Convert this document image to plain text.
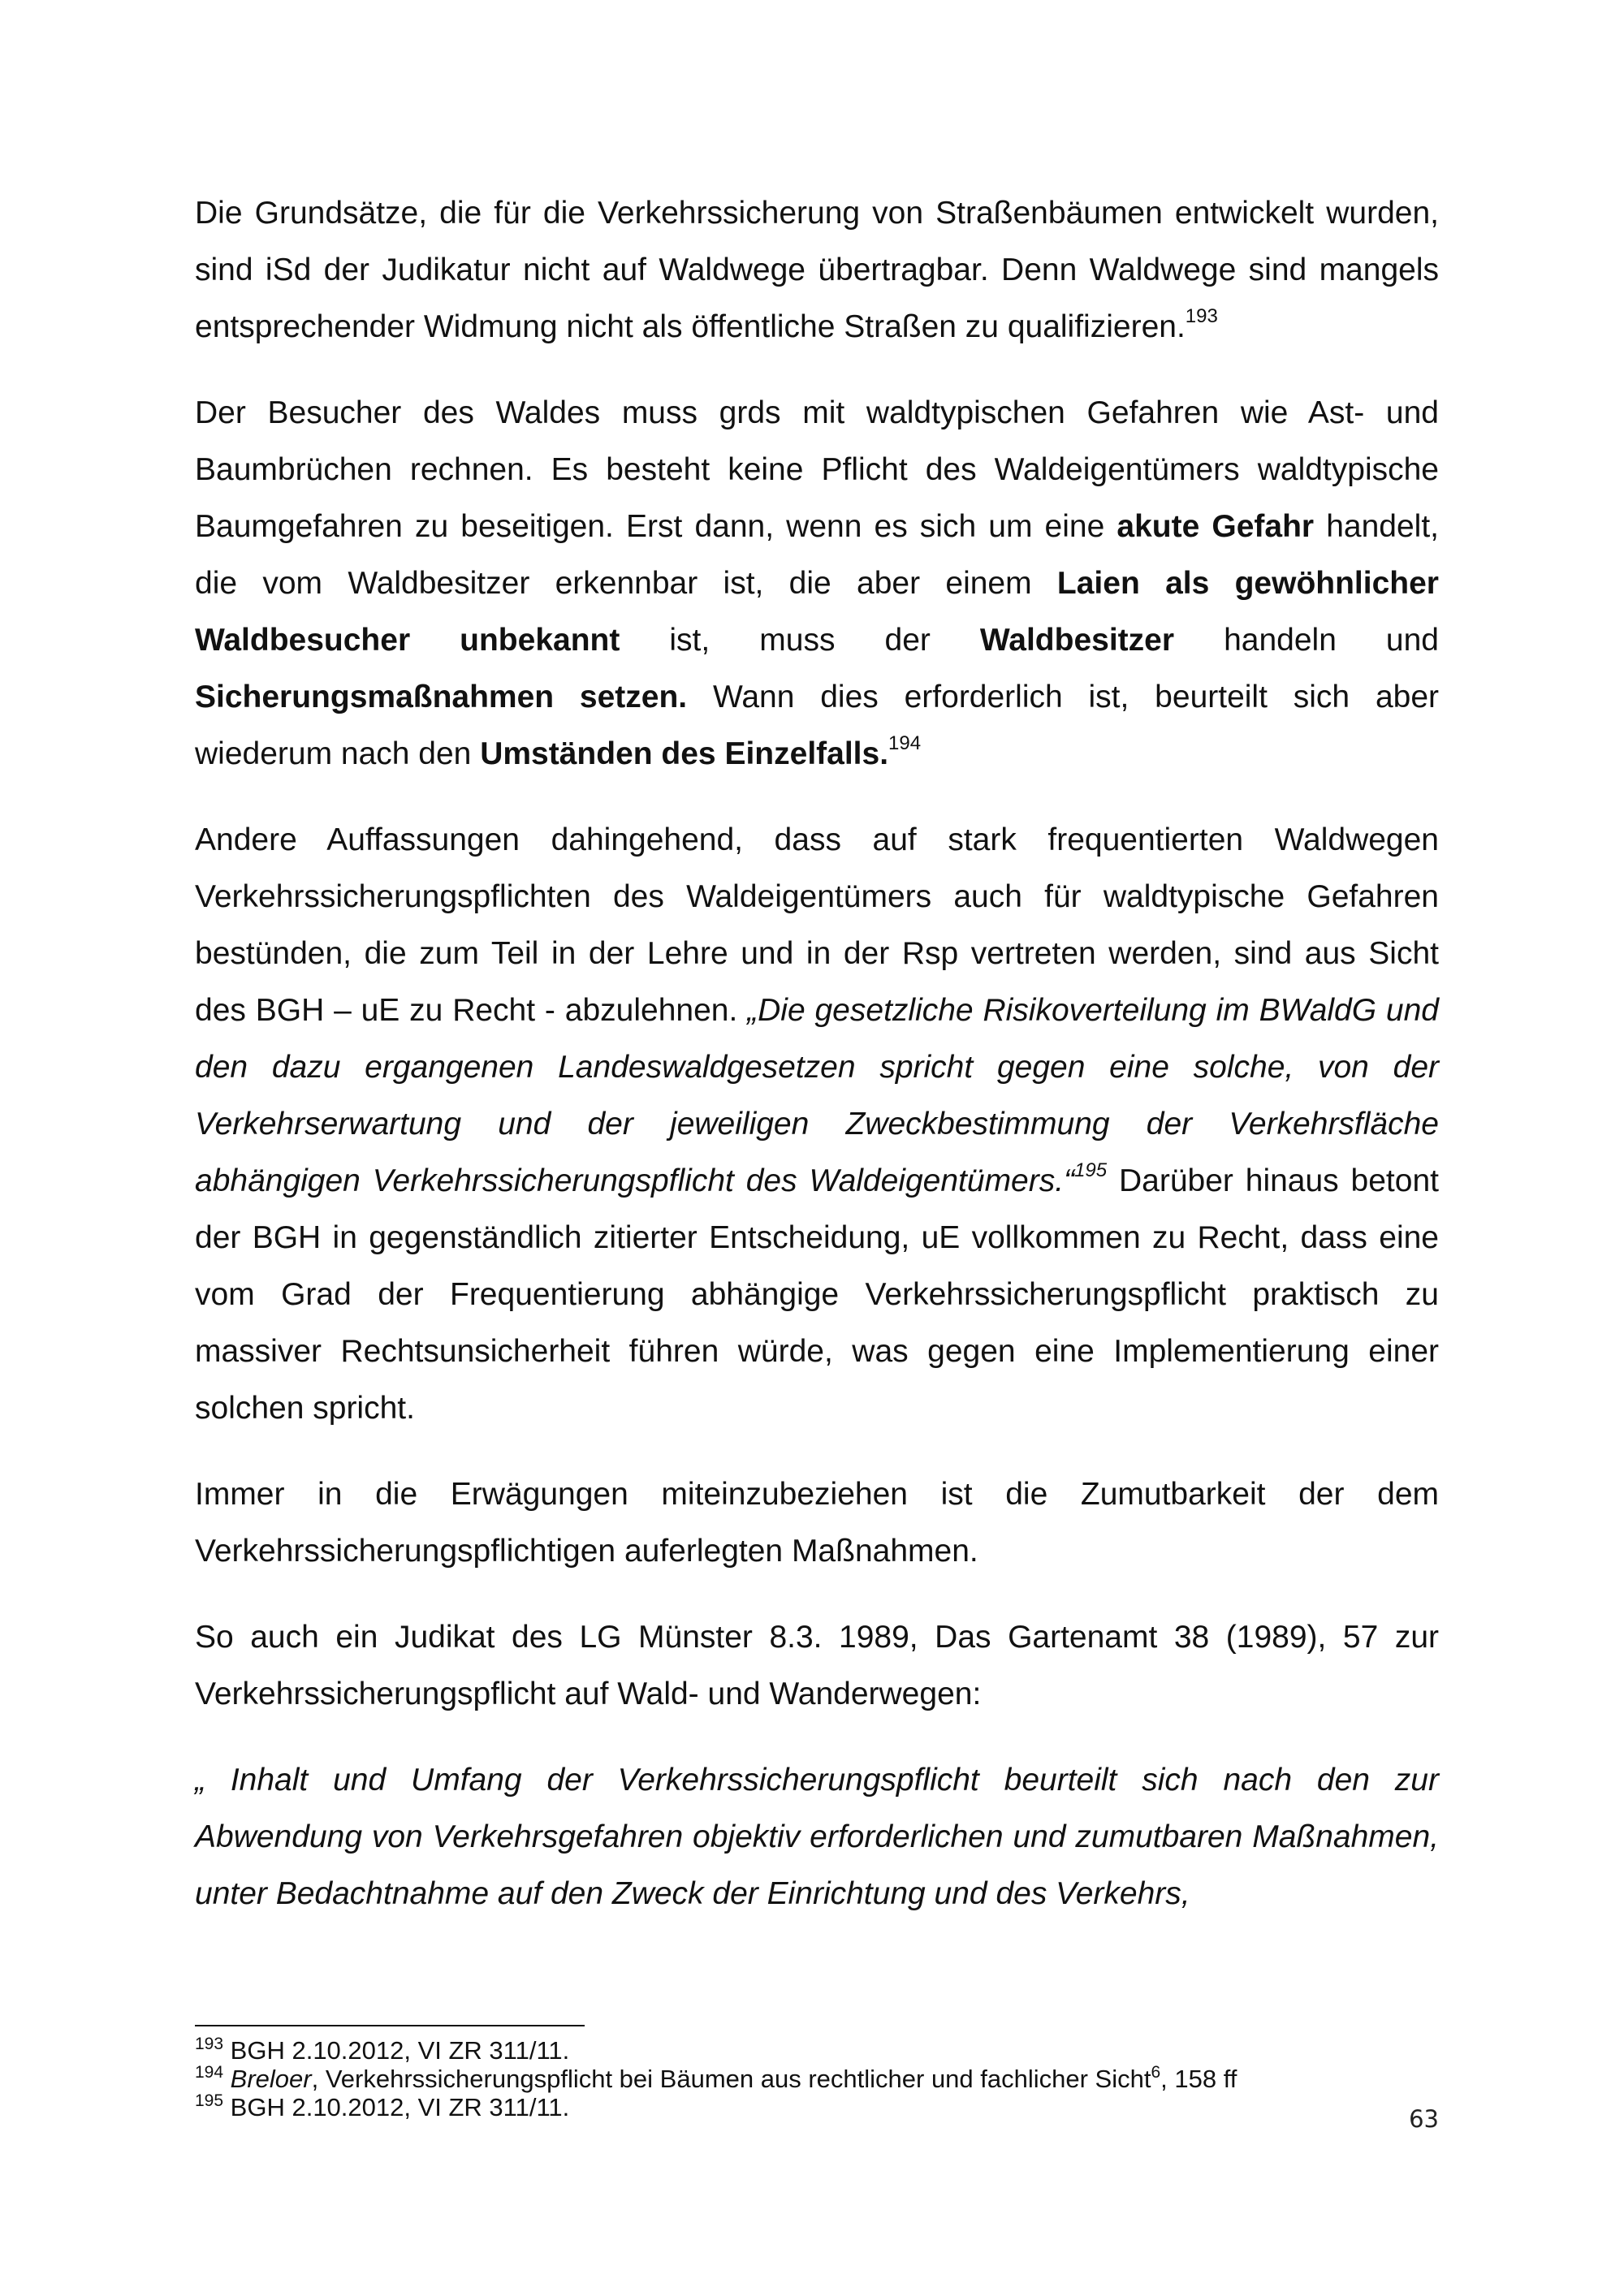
Die Grundsätze, die für die Verkehrssicherung von Straßenbäumen entwickelt wurden, sind iSd der Judikatur nicht auf Waldwege übertragbar. Denn Waldwege sind mangels entsprechender Widmung nicht als öffentliche Straßen zu qualifizieren.$^{193}$

Der Besucher des Waldes muss grds mit waldtypischen Gefahren wie Ast- und Baumbrüchen rechnen. Es besteht keine Pflicht des Waldeigentümers waldtypische Baumgefahren zu beseitigen. Erst dann, wenn es sich um eine akute Gefahr handelt, die vom Waldbesitzer erkennbar ist, die aber einem Laien als gewöhnlicher Waldbesucher unbekannt ist, muss der Waldbesitzer handeln und Sicherungsmaßnahmen setzen. Wann dies erforderlich ist, beurteilt sich aber wiederum nach den Umständen des Einzelfalls.$^{194}$

Andere Auffassungen dahingehend, dass auf stark frequentierten Waldwegen Verkehrssicherungspflichten des Waldeigentümers auch für waldtypische Gefahren bestünden, die zum Teil in der Lehre und in der Rsp vertreten werden, sind aus Sicht des BGH – uE zu Recht - abzulehnen. „Die gesetzliche Risikoverteilung im BWaldG und den dazu ergangenen Landeswaldgesetzen spricht gegen eine solche, von der Verkehrserwartung und der jeweiligen Zweckbestimmung der Verkehrsfläche abhängigen Verkehrssicherungspflicht des Waldeigentümers.“$^{195}$ Darüber hinaus betont der BGH in gegenständlich zitierter Entscheidung, uE vollkommen zu Recht, dass eine vom Grad der Frequentierung abhängige Verkehrssicherungspflicht praktisch zu massiver Rechtsunsicherheit führen würde, was gegen eine Implementierung einer solchen spricht.

Immer in die Erwägungen miteinzubeziehen ist die Zumutbarkeit der dem Verkehrssicherungspflichtigen auferlegten Maßnahmen.

So auch ein Judikat des LG Münster 8.3. 1989, Das Gartenamt 38 (1989), 57 zur Verkehrssicherungspflicht auf Wald- und Wanderwegen:

„ Inhalt und Umfang der Verkehrssicherungspflicht beurteilt sich nach den zur Abwendung von Verkehrsgefahren objektiv erforderlichen und zumutbaren Maßnahmen, unter Bedachtnahme auf den Zweck der Einrichtung und des Verkehrs,

$^{193}$ BGH 2.10.2012, VI ZR 311/11.

$^{194}$ Breloer, Verkehrssicherungspflicht bei Bäumen aus rechtlicher und fachlicher Sicht$^6$, 158 ff

$^{195}$ BGH 2.10.2012, VI ZR 311/11.	63
